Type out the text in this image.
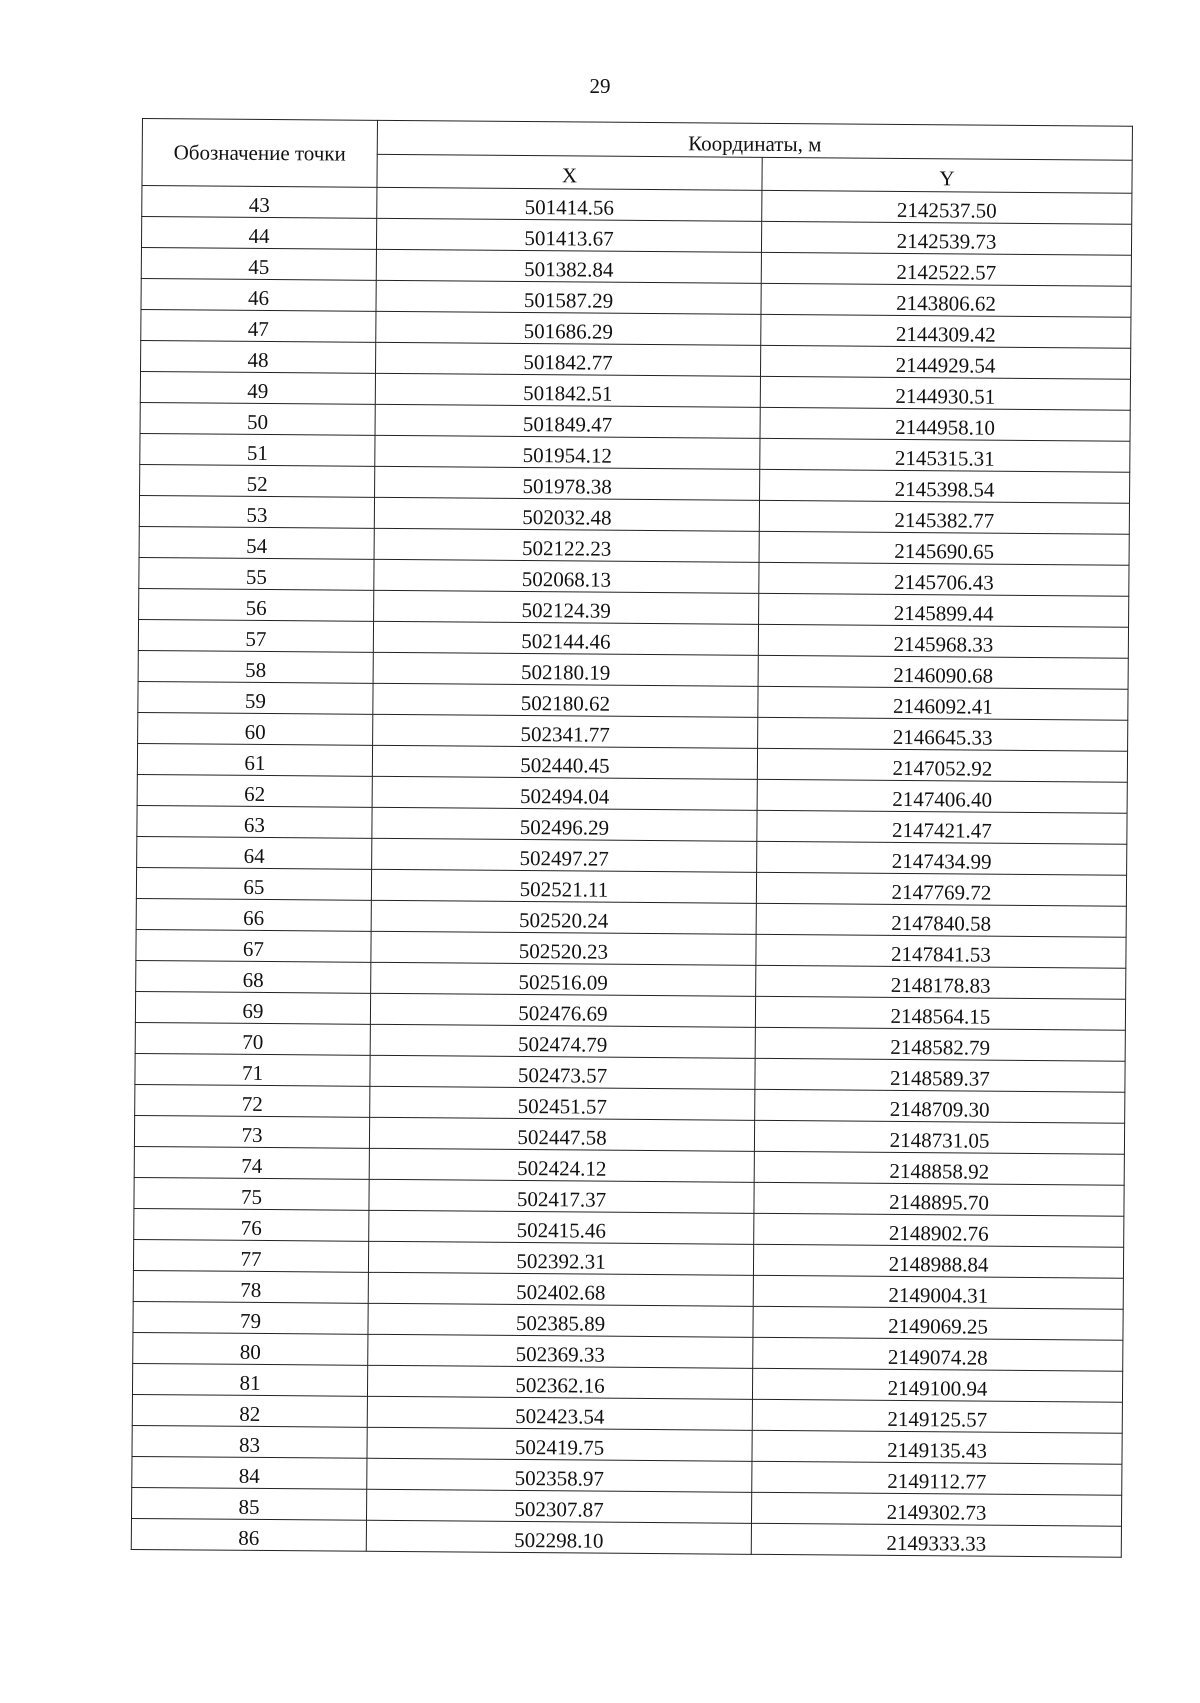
29
Обозначение точки	Координаты, м	
	X	Y
43	501414.56	2142537.50
44	501413.67	2142539.73
45	501382.84	2142522.57
46	501587.29	2143806.62
47	501686.29	2144309.42
48	501842.77	2144929.54
49	501842.51	2144930.51
50	501849.47	2144958.10
51	501954.12	2145315.31
52	501978.38	2145398.54
53	502032.48	2145382.77
54	502122.23	2145690.65
55	502068.13	2145706.43
56	502124.39	2145899.44
57	502144.46	2145968.33
58	502180.19	2146090.68
59	502180.62	2146092.41
60	502341.77	2146645.33
61	502440.45	2147052.92
62	502494.04	2147406.40
63	502496.29	2147421.47
64	502497.27	2147434.99
65	502521.11	2147769.72
66	502520.24	2147840.58
67	502520.23	2147841.53
68	502516.09	2148178.83
69	502476.69	2148564.15
70	502474.79	2148582.79
71	502473.57	2148589.37
72	502451.57	2148709.30
73	502447.58	2148731.05
74	502424.12	2148858.92
75	502417.37	2148895.70
76	502415.46	2148902.76
77	502392.31	2148988.84
78	502402.68	2149004.31
79	502385.89	2149069.25
80	502369.33	2149074.28
81	502362.16	2149100.94
82	502423.54	2149125.57
83	502419.75	2149135.43
84	502358.97	2149112.77
85	502307.87	2149302.73
86	502298.10	2149333.33
